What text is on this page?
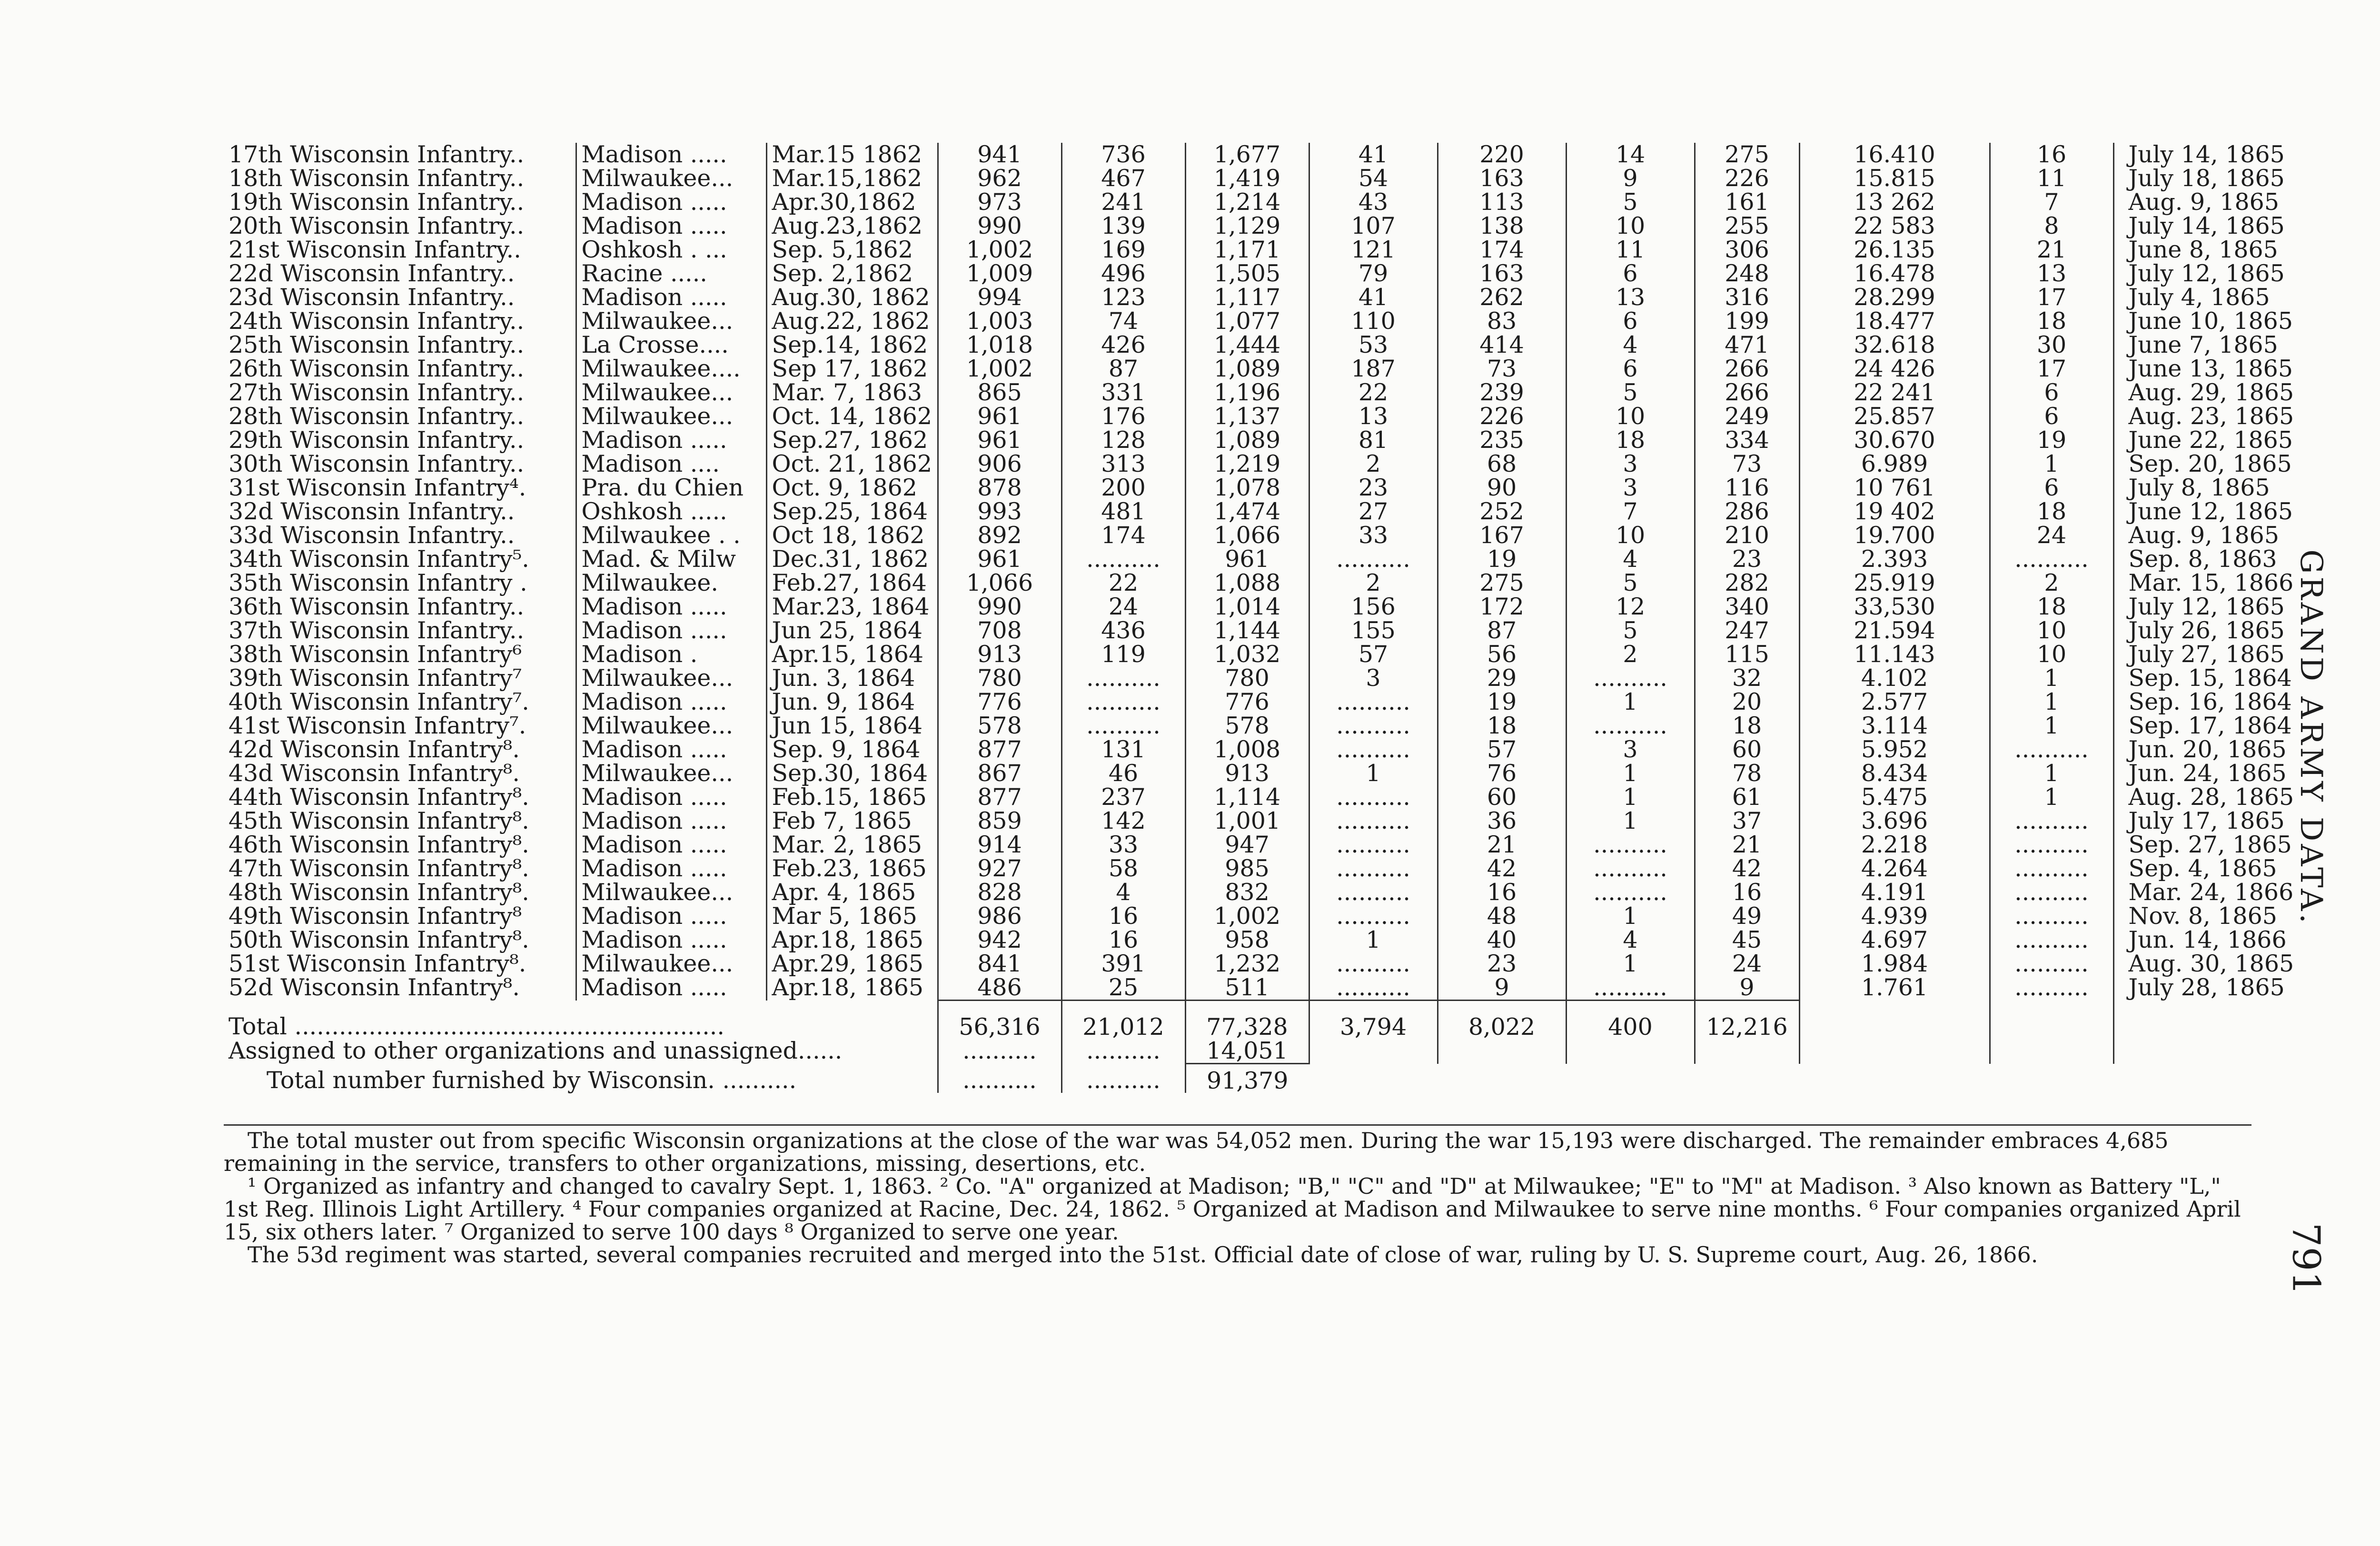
17th Wisconsin Infantry..	Madison .....	Mar.15 1862	941	736	1,677	41	220	14	275	16.410	16	July 14, 1865
18th Wisconsin Infantry..	Milwaukee...	Mar.15,1862	962	467	1,419	54	163	9	226	15.815	11	July 18, 1865
19th Wisconsin Infantry..	Madison .....	Apr.30,1862	973	241	1,214	43	113	5	161	13 262	7	Aug. 9, 1865
20th Wisconsin Infantry..	Madison .....	Aug.23,1862	990	139	1,129	107	138	10	255	22 583	8	July 14, 1865
21st Wisconsin Infantry..	Oshkosh . ...	Sep. 5,1862	1,002	169	1,171	121	174	11	306	26.135	21	June 8, 1865
22d Wisconsin Infantry..	Racine .....	Sep. 2,1862	1,009	496	1,505	79	163	6	248	16.478	13	July 12, 1865
23d Wisconsin Infantry..	Madison .....	Aug.30, 1862	994	123	1,117	41	262	13	316	28.299	17	July 4, 1865
24th Wisconsin Infantry..	Milwaukee...	Aug.22, 1862	1,003	74	1,077	110	83	6	199	18.477	18	June 10, 1865
25th Wisconsin Infantry..	La Crosse....	Sep.14, 1862	1,018	426	1,444	53	414	4	471	32.618	30	June 7, 1865
26th Wisconsin Infantry..	Milwaukee....	Sep 17, 1862	1,002	87	1,089	187	73	6	266	24 426	17	June 13, 1865
27th Wisconsin Infantry..	Milwaukee...	Mar. 7, 1863	865	331	1,196	22	239	5	266	22 241	6	Aug. 29, 1865
28th Wisconsin Infantry..	Milwaukee...	Oct. 14, 1862	961	176	1,137	13	226	10	249	25.857	6	Aug. 23, 1865
29th Wisconsin Infantry..	Madison .....	Sep.27, 1862	961	128	1,089	81	235	18	334	30.670	19	June 22, 1865
30th Wisconsin Infantry..	Madison ....	Oct. 21, 1862	906	313	1,219	2	68	3	73	6.989	1	Sep. 20, 1865
31st Wisconsin Infantry⁴.	Pra. du Chien	Oct. 9, 1862	878	200	1,078	23	90	3	116	10 761	6	July 8, 1865
32d Wisconsin Infantry..	Oshkosh .....	Sep.25, 1864	993	481	1,474	27	252	7	286	19 402	18	June 12, 1865
33d Wisconsin Infantry..	Milwaukee . .	Oct 18, 1862	892	174	1,066	33	167	10	210	19.700	24	Aug. 9, 1865
34th Wisconsin Infantry⁵.	Mad. & Milw	Dec.31, 1862	961	..........	961	..........	19	4	23	2.393	..........	Sep. 8, 1863
35th Wisconsin Infantry .	Milwaukee.	Feb.27, 1864	1,066	22	1,088	2	275	5	282	25.919	2	Mar. 15, 1866
36th Wisconsin Infantry..	Madison .....	Mar.23, 1864	990	24	1,014	156	172	12	340	33,530	18	July 12, 1865
37th Wisconsin Infantry..	Madison .....	Jun 25, 1864	708	436	1,144	155	87	5	247	21.594	10	July 26, 1865
38th Wisconsin Infantry⁶	Madison .	Apr.15, 1864	913	119	1,032	57	56	2	115	11.143	10	July 27, 1865
39th Wisconsin Infantry⁷	Milwaukee...	Jun. 3, 1864	780	..........	780	3	29	..........	32	4.102	1	Sep. 15, 1864
40th Wisconsin Infantry⁷.	Madison .....	Jun. 9, 1864	776	..........	776	..........	19	1	20	2.577	1	Sep. 16, 1864
41st Wisconsin Infantry⁷.	Milwaukee...	Jun 15, 1864	578	..........	578	..........	18	..........	18	3.114	1	Sep. 17, 1864
42d Wisconsin Infantry⁸.	Madison .....	Sep. 9, 1864	877	131	1,008	..........	57	3	60	5.952	..........	Jun. 20, 1865
43d Wisconsin Infantry⁸.	Milwaukee...	Sep.30, 1864	867	46	913	1	76	1	78	8.434	1	Jun. 24, 1865
44th Wisconsin Infantry⁸.	Madison .....	Feb.15, 1865	877	237	1,114	..........	60	1	61	5.475	1	Aug. 28, 1865
45th Wisconsin Infantry⁸.	Madison .....	Feb 7, 1865	859	142	1,001	..........	36	1	37	3.696	..........	July 17, 1865
46th Wisconsin Infantry⁸.	Madison .....	Mar. 2, 1865	914	33	947	..........	21	..........	21	2.218	..........	Sep. 27, 1865
47th Wisconsin Infantry⁸.	Madison .....	Feb.23, 1865	927	58	985	..........	42	..........	42	4.264	..........	Sep. 4, 1865
48th Wisconsin Infantry⁸.	Milwaukee...	Apr. 4, 1865	828	4	832	..........	16	..........	16	4.191	..........	Mar. 24, 1866
49th Wisconsin Infantry⁸	Madison .....	Mar 5, 1865	986	16	1,002	..........	48	1	49	4.939	..........	Nov. 8, 1865
50th Wisconsin Infantry⁸.	Madison .....	Apr.18, 1865	942	16	958	1	40	4	45	4.697	..........	Jun. 14, 1866
51st Wisconsin Infantry⁸.	Milwaukee...	Apr.29, 1865	841	391	1,232	..........	23	1	24	1.984	..........	Aug. 30, 1865
52d Wisconsin Infantry⁸.	Madison .....	Apr.18, 1865	486	25	511	..........	9	..........	9	1.761	..........	July 28, 1865
Total ..........................................................			56,316	21,012	77,328	3,794	8,022	400	12,216			
Assigned to other organizations and unassigned......			..........	..........	14,051							
Total number furnished by Wisconsin. ..........			..........	..........	91,379							

The total muster out from specific Wisconsin organizations at the close of the war was 54,052 men. During the war 15,193 were discharged. The remainder embraces 4,685 remaining in the service, transfers to other organizations, missing, desertions, etc.

¹ Organized as infantry and changed to cavalry Sept. 1, 1863. ² Co. "A" organized at Madison; "B," "C" and "D" at Milwaukee; "E" to "M" at Madison. ³ Also known as Battery "L," 1st Reg. Illinois Light Artillery. ⁴ Four companies organized at Racine, Dec. 24, 1862. ⁵ Organized at Madison and Milwaukee to serve nine months. ⁶ Four companies organized April 15, six others later. ⁷ Organized to serve 100 days ⁸ Organized to serve one year.

The 53d regiment was started, several companies recruited and merged into the 51st. Official date of close of war, ruling by U. S. Supreme court, Aug. 26, 1866.

GRAND ARMY DATA.
791
